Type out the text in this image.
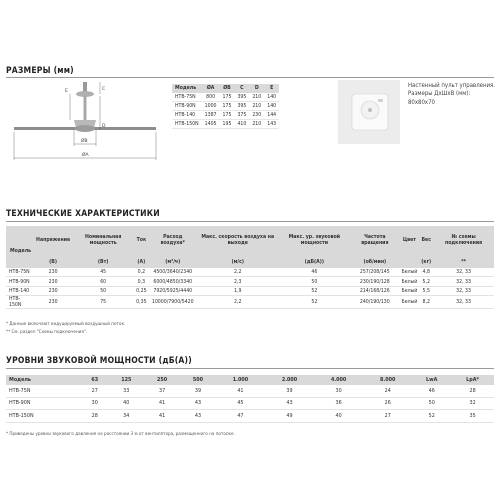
РАЗМЕРЫ (мм)
E	C
D
ØB
ØA
Модель	ØA	ØB	C	D	E
HTB-75N	800	175	395	210	140
HTB-90N	1000	175	395	210	140
HTB-140	1387	175	375	230	144
HTB-150N	1405	195	410	210	143
Настенный пульт управления. Размеры ДхШхВ (мм): 80х80х70
ТЕХНИЧЕСКИЕ ХАРАКТЕРИСТИКИ
Модель	Напряжение	Номинальная мощность	Ток	Расход воздуха*	Макс. скорость воздуха на выходе	Макс. ур. звуковой мощности	Частота вращения	Цвет	Вес	№ схемы подключения
	(В)	(Вт)	(A)	(м³/ч)	(м/с)	(дБ(A))	(об/мин)		(кг)	**
HTB-75N	230	45	0,2	4500/3640/2340	2,2	46	257/208/145	Белый	4,8	32, 33
HTB-90N	230	60	0,3	6000/4850/3340	2,3	50	230/190/128	Белый	5,2	32, 33
HTB-140	230	50	0,25	7920/5925/4440	1,9	52	214/168/126	Белый	5,5	32, 33
HTB-150N	230	75	0,35	10000/7900/5420	2,2	52	240/190/130	Белый	8,2	32, 33
* Данные включают индуцируемый воздушный поток.
** См. раздел "Схемы подключения".
УРОВНИ ЗВУКОВОЙ МОЩНОСТИ (дБ(A))
Модель	63	125	250	500	1.000	2.000	4.000	8.000	LwA	LpA*
HTB-75N	27	33	37	39	41	39	30	24	46	28
HTB-90N	30	40	41	43	45	43	36	26	50	32
HTB-150N	28	34	41	43	47	49	40	27	52	35
* Приведены уровни звукового давления на расстоянии 3 м от вентилятора, размещенного на потолке.
